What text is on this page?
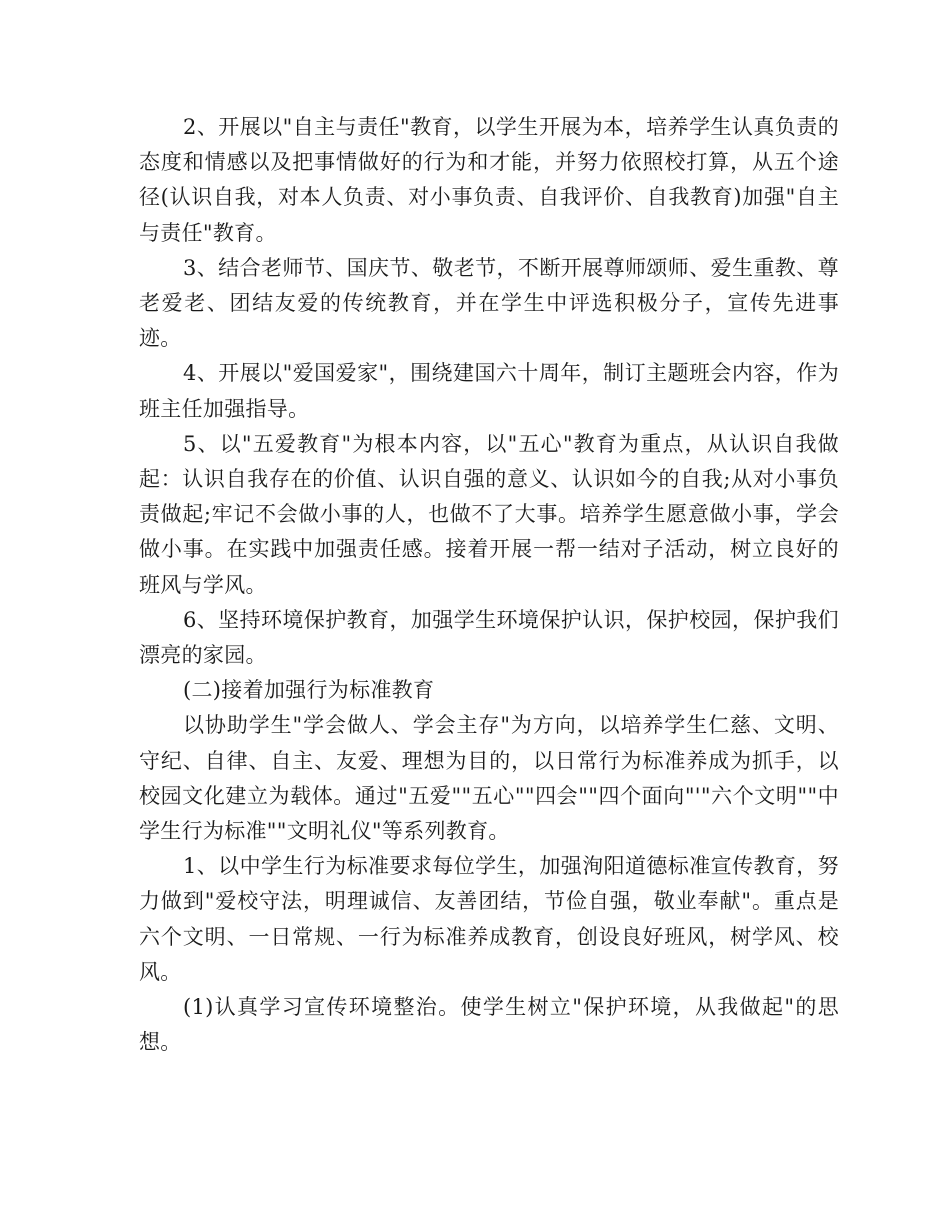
2、开展以"自主与责任"教育，以学生开展为本，培养学生认真负责的态度和情感以及把事情做好的行为和才能，并努力依照校打算，从五个途径(认识自我，对本人负责、对小事负责、自我评价、自我教育)加强"自主与责任"教育。

3、结合老师节、国庆节、敬老节，不断开展尊师颂师、爱生重教、尊老爱老、团结友爱的传统教育，并在学生中评选积极分子，宣传先进事迹。

4、开展以"爱国爱家"，围绕建国六十周年，制订主题班会内容，作为班主任加强指导。

5、以"五爱教育"为根本内容，以"五心"教育为重点，从认识自我做起：认识自我存在的价值、认识自强的意义、认识如今的自我;从对小事负责做起;牢记不会做小事的人，也做不了大事。培养学生愿意做小事，学会做小事。在实践中加强责任感。接着开展一帮一结对子活动，树立良好的班风与学风。

6、坚持环境保护教育，加强学生环境保护认识，保护校园，保护我们漂亮的家园。

(二)接着加强行为标准教育

以协助学生"学会做人、学会主存"为方向，以培养学生仁慈、文明、守纪、自律、自主、友爱、理想为目的，以日常行为标准养成为抓手，以校园文化建立为载体。通过"五爱""五心""四会""四个面向"'"六个文明""中学生行为标准""文明礼仪"等系列教育。

1、以中学生行为标准要求每位学生，加强洵阳道德标准宣传教育，努力做到"爱校守法，明理诚信、友善团结，节俭自强，敬业奉献"。重点是六个文明、一日常规、一行为标准养成教育，创设良好班风，树学风、校风。

(1)认真学习宣传环境整治。使学生树立"保护环境，从我做起"的思想。
